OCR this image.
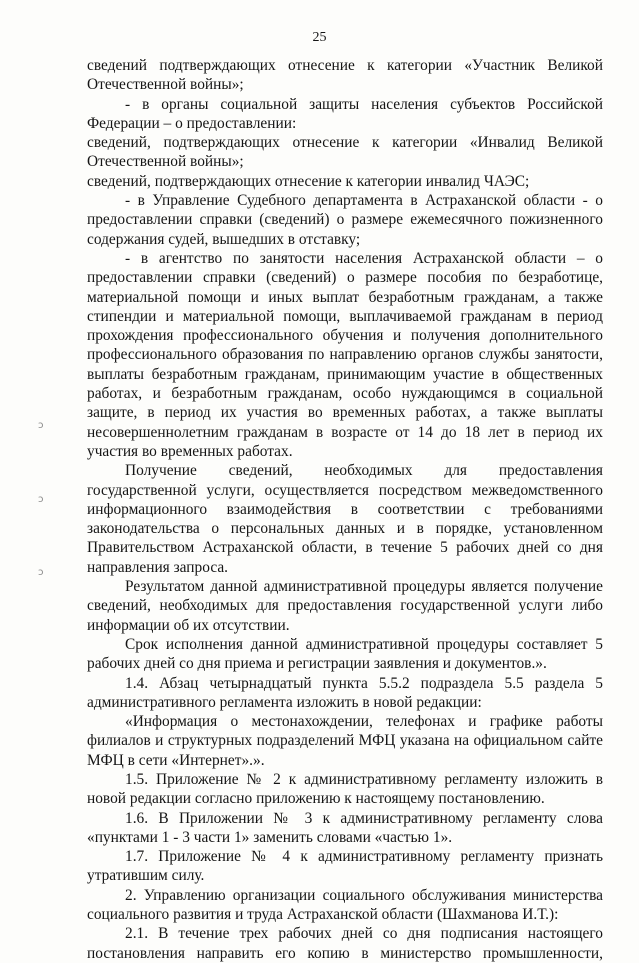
25

сведений подтверждающих отнесение к категории «Участник Великой Отечественной войны»;

- в органы социальной защиты населения субъектов Российской Федерации – о предоставлении:

сведений, подтверждающих отнесение к категории «Инвалид Великой Отечественной войны»;

сведений, подтверждающих отнесение к категории инвалид ЧАЭС;

- в Управление Судебного департамента в Астраханской области - о предоставлении справки (сведений) о размере ежемесячного пожизненного содержания судей, вышедших в отставку;

- в агентство по занятости населения Астраханской области – о предоставлении справки (сведений) о размере пособия по безработице, материальной помощи и иных выплат безработным гражданам, а также стипендии и материальной помощи, выплачиваемой гражданам в период прохождения профессионального обучения и получения дополнительного профессионального образования по направлению органов службы занятости, выплаты безработным гражданам, принимающим участие в общественных работах, и безработным гражданам, особо нуждающимся в социальной защите, в период их участия во временных работах, а также выплаты несовершеннолетним гражданам в возрасте от 14 до 18 лет в период их участия во временных работах.

Получение сведений, необходимых для предоставления государственной услуги, осуществляется посредством межведомственного информационного взаимодействия в соответствии с требованиями законодательства о персональных данных и в порядке, установленном Правительством Астраханской области, в течение 5 рабочих дней со дня направления запроса.

Результатом данной административной процедуры является получение сведений, необходимых для предоставления государственной услуги либо информации об их отсутствии.

Срок исполнения данной административной процедуры составляет 5 рабочих дней со дня приема и регистрации заявления и документов.».

1.4. Абзац четырнадцатый пункта 5.5.2 подраздела 5.5 раздела 5 административного регламента изложить в новой редакции:

«Информация о местонахождении, телефонах и графике работы филиалов и структурных подразделений МФЦ указана на официальном сайте МФЦ в сети «Интернет».».

1.5. Приложение № 2 к административному регламенту изложить в новой редакции согласно приложению к настоящему постановлению.

1.6. В Приложении № 3 к административному регламенту слова «пунктами 1 - 3 части 1» заменить словами «частью 1».

1.7. Приложение № 4 к административному регламенту признать утратившим силу.

2. Управлению организации социального обслуживания министерства социального развития и труда Астраханской области (Шахманова И.Т.):

2.1. В течение трех рабочих дней со дня подписания настоящего постановления направить его копию в министерство промышленности,

ↄ
ↄ
ↄ
